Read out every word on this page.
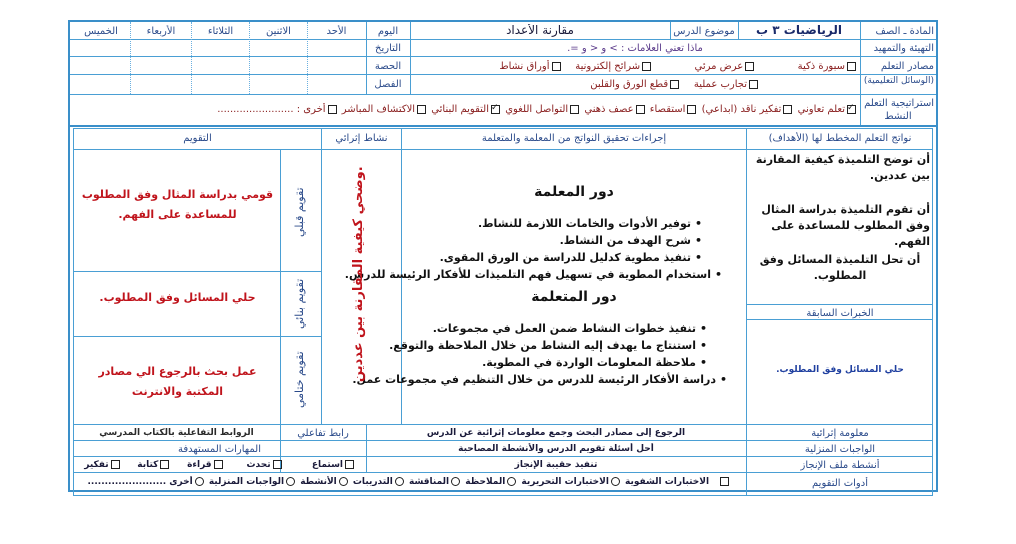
المادة ـ الصف
الرياضيات ٣ ب
موضوع الدرس
مقارنة الأعداد
اليوم
الأحد
الاثنين
الثلاثاء
الأربعاء
الخميس
التهيئة والتمهيد
ماذا تعني العلامات : > و < و =.
التاريخ
مصادر التعلم
(الوسائل التعليمية)
سبورة ذكية             عرض مرئي             شرائح إلكترونية    أوراق نشاط
الحصة
تجارب عملية    قطع الورق والقلبن
الفصل
استراتيجية التعلم
النشط
✓تعلم تعاوني تفكير ناقد (ابداعي) استقصاء عصف ذهني التواصل اللغوي ✓التقويم البنائي الاكتشاف المباشر أخرى : ........................
نواتج التعلم المخطط لها (الأهداف)
إجراءات تحقيق النواتج من المعلمة والمتعلمة
نشاط إثرائي
التقويم
أن توضح التلميذة كيفية المقارنة بين عددين.
أن تقوم التلميذة بدراسة المثال وفق المطلوب للمساعدة على الفهم.
أن تحل التلميذة المسائل وفق المطلوب.
الخبرات السابقة
حلي المسائل وفق المطلوب.
دور المعلمة
• توفير الأدوات والخامات اللازمة للنشاط.
• شرح الهدف من النشاط.
• تنفيذ مطوية كدليل للدراسة من الورق المقوى.
• استخدام المطوية في تسهيل فهم التلميذات للأفكار الرئيسة للدرس.
دور المتعلمة
• تنفيذ خطوات النشاط ضمن العمل في مجموعات.
• استنتاج ما يهدف إليه النشاط من خلال الملاحظة والتوقع.
• ملاحظة المعلومات الواردة في المطوية.
• دراسة الأفكار الرئيسة للدرس من خلال التنظيم في مجموعات عمل.
وضحي كيفية المقارنة بين عددين.
تقويم قبلي
تقويم بنائي
تقويم ختامي
قومي بدراسة المثال وفق المطلوب للمساعدة على الفهم.
حلي المسائل وفق المطلوب.
عمل بحث بالرجوع الي مصادر المكتبة والانترنت
معلومة إثرائية
الرجوع إلى مصادر البحث وجمع معلومات إثرائية عن الدرس
رابط تفاعلي
الروابط التفاعلية بالكتاب المدرسي
الواجبات المنزلية
أحل أسئلة تقويم الدرس والأنشطة المصاحبة
المهارات المستهدفة
أنشطة ملف الإنجاز
تنفيذ حقيبة الإنجاز
استماع         تحدث       قراءة     كتابة     تفكير
أدوات التقويم
الاختبارات الشفوية الاختبارات التحريرية الملاحظة المناقشة التدريبات الأنشطة الواجبات المنزلية أخرى .......................
